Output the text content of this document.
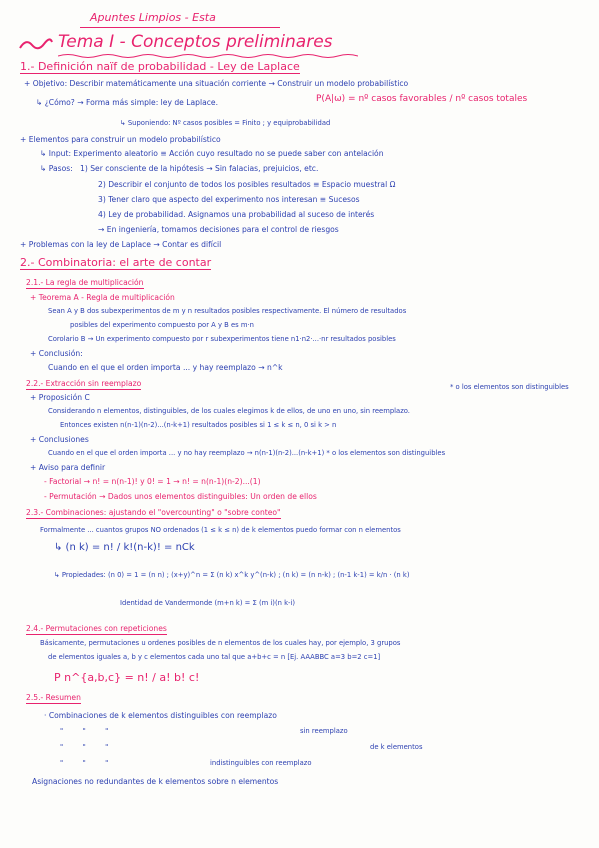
Apuntes Limpios - Esta
Tema I - Conceptos preliminares
1.- Definición naïf de probabilidad - Ley de Laplace
+ Objetivo: Describir matemáticamente una situación corriente → Construir un modelo probabilístico
↳ ¿Cómo? → Forma más simple: ley de Laplace.	P(A|ω) = nº casos favorables / nº casos totales
↳ Suponiendo: Nº casos posibles = Finito ; y equiprobabilidad
+ Elementos para construir un modelo probabilístico
↳ Input: Experimento aleatorio ≡ Acción cuyo resultado no se puede saber con antelación
↳ Pasos: 1) Ser consciente de la hipótesis → Sin falacias, prejuicios, etc.
2) Describir el conjunto de todos los posibles resultados ≡ Espacio muestral Ω
3) Tener claro que aspecto del experimento nos interesan ≡ Sucesos
4) Ley de probabilidad. Asignamos una probabilidad al suceso de interés
→ En ingeniería, tomamos decisiones para el control de riesgos
+ Problemas con la ley de Laplace → Contar es difícil
2.- Combinatoria: el arte de contar
2.1.- La regla de multiplicación
+ Teorema A - Regla de multiplicación
Sean A y B dos subexperimentos de m y n resultados posibles respectivamente. El número de resultados
posibles del experimento compuesto por A y B es m·n
Corolario B → Un experimento compuesto por r subexperimentos tiene n1·n2·...·nr resultados posibles
+ Conclusión:
Cuando en el que el orden importa ... y hay reemplazo → n^k
2.2.- Extracción sin reemplazo	* o los elementos son distinguibles
+ Proposición C
Considerando n elementos, distinguibles, de los cuales elegimos k de ellos, de uno en uno, sin reemplazo.
Entonces existen n(n-1)(n-2)...(n-k+1) resultados posibles si 1 ≤ k ≤ n, 0 si k > n
+ Conclusiones
Cuando en el que el orden importa ... y no hay reemplazo → n(n-1)(n-2)...(n-k+1) * o los elementos son distinguibles
+ Aviso para definir
- Factorial → n! = n(n-1)! y 0! = 1 → n! = n(n-1)(n-2)...(1)
- Permutación → Dados unos elementos distinguibles: Un orden de ellos
2.3.- Combinaciones: ajustando el "overcounting" o "sobre conteo"
Formalmente ... cuantos grupos NO ordenados (1 ≤ k ≤ n) de k elementos puedo formar con n elementos
↳ (n k) = n! / k!(n-k)! = nCk
↳ Propiedades: (n 0) = 1 = (n n) ; (x+y)^n = Σ (n k) x^k y^(n-k) ; (n k) = (n n-k) ; (n-1 k-1) = k/n · (n k)
Identidad de Vandermonde (m+n k) = Σ (m i)(n k-i)
2.4.- Permutaciones con repeticiones
Básicamente, permutaciones u ordenes posibles de n elementos de los cuales hay, por ejemplo, 3 grupos
de elementos iguales a, b y c elementos cada uno tal que a+b+c = n [Ej. AAABBC a=3 b=2 c=1]
P n^{a,b,c} = n! / a! b! c!
2.5.- Resumen
· Combinaciones de k elementos distinguibles con reemplazo
"         "         "	sin reemplazo
"         "         "	de k elementos
"         "         "	indistinguibles con reemplazo
Asignaciones no redundantes de k elementos sobre n elementos
